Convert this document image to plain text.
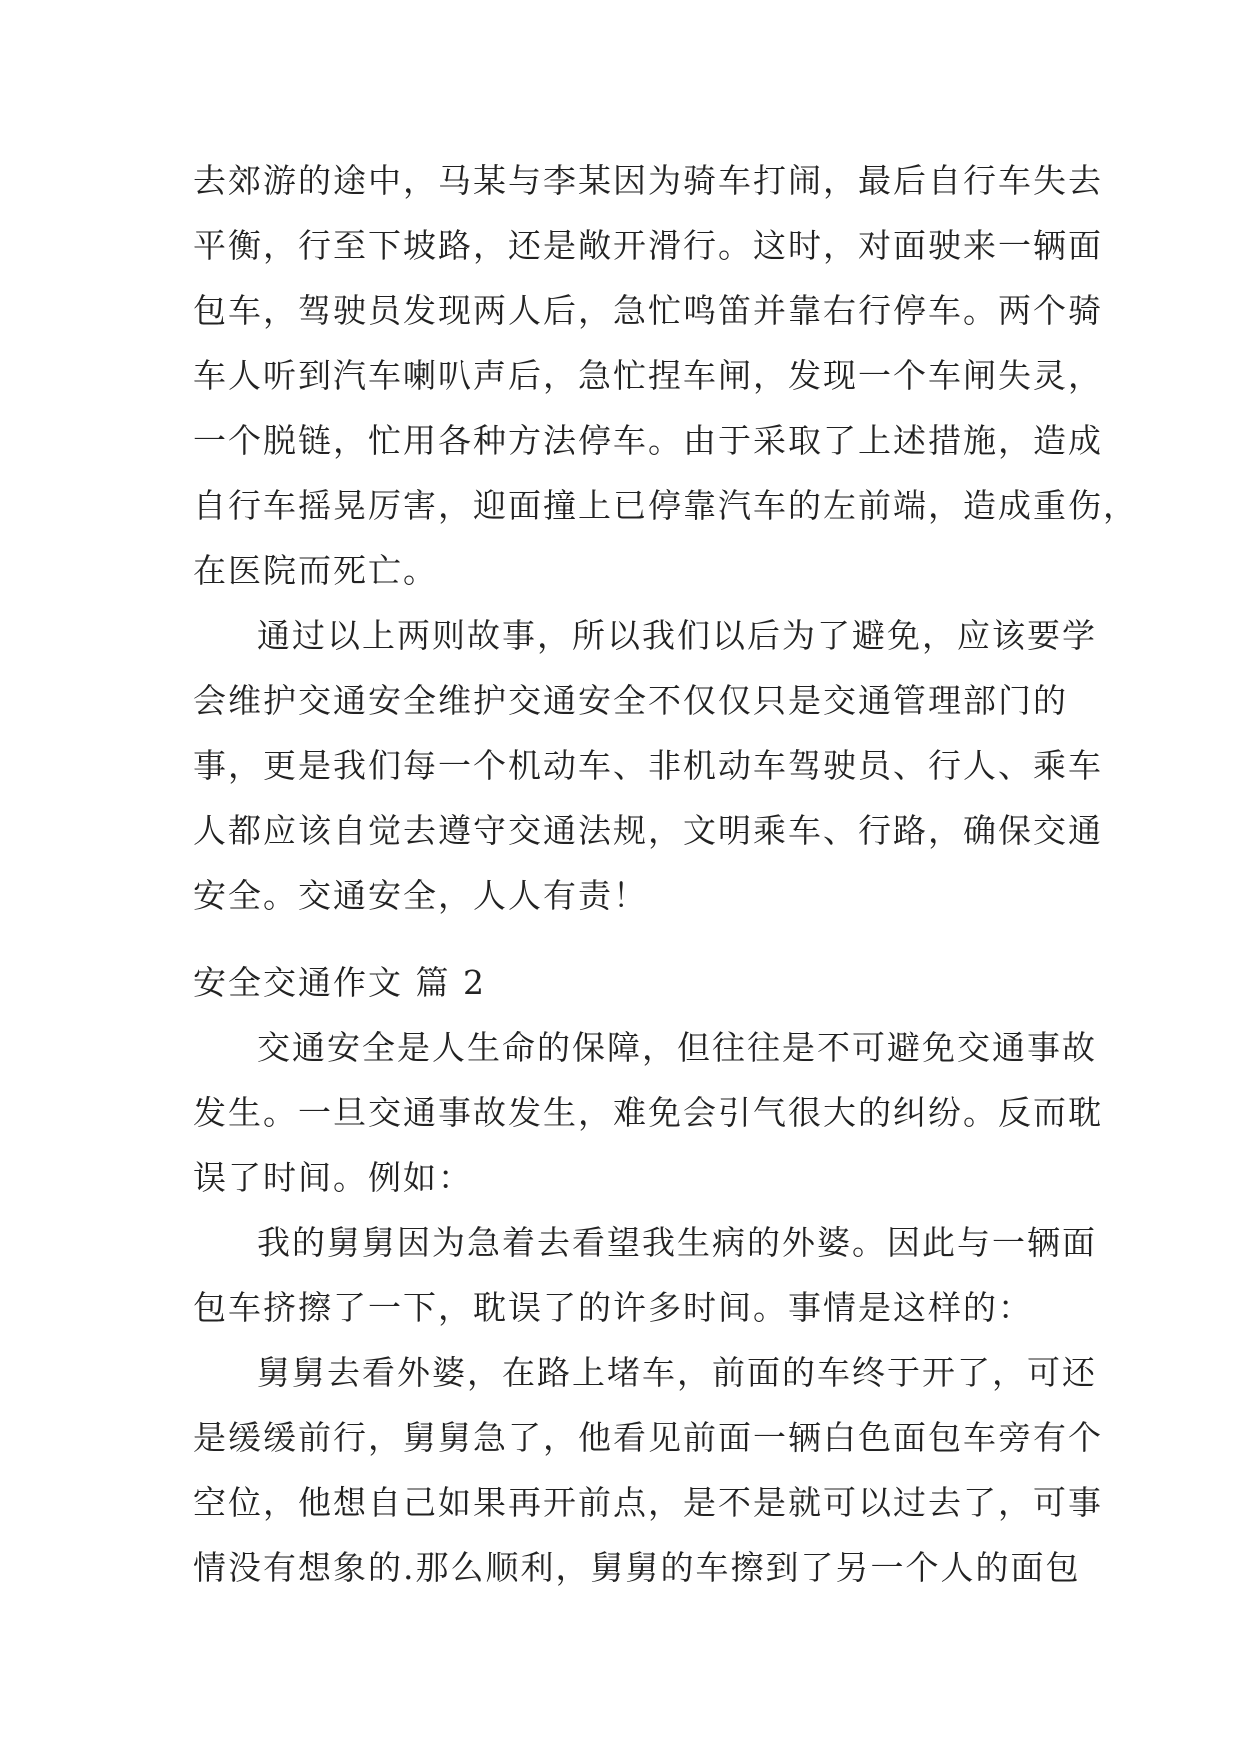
去郊游的途中，马某与李某因为骑车打闹，最后自行车失去
平衡，行至下坡路，还是敞开滑行。这时，对面驶来一辆面
包车，驾驶员发现两人后，急忙鸣笛并靠右行停车。两个骑
车人听到汽车喇叭声后，急忙捏车闸，发现一个车闸失灵，
一个脱链，忙用各种方法停车。由于采取了上述措施，造成
自行车摇晃厉害，迎面撞上已停靠汽车的左前端，造成重伤，
在医院而死亡。
通过以上两则故事，所以我们以后为了避免，应该要学
会维护交通安全维护交通安全不仅仅只是交通管理部门的
事，更是我们每一个机动车、非机动车驾驶员、行人、乘车
人都应该自觉去遵守交通法规，文明乘车、行路，确保交通
安全。交通安全，人人有责！
安全交通作文 篇 2
交通安全是人生命的保障，但往往是不可避免交通事故
发生。一旦交通事故发生，难免会引气很大的纠纷。反而耽
误了时间。例如：
我的舅舅因为急着去看望我生病的外婆。因此与一辆面
包车挤擦了一下，耽误了的许多时间。事情是这样的：
舅舅去看外婆，在路上堵车，前面的车终于开了，可还
是缓缓前行，舅舅急了，他看见前面一辆白色面包车旁有个
空位，他想自己如果再开前点，是不是就可以过去了，可事
情没有想象的.那么顺利，舅舅的车擦到了另一个人的面包
